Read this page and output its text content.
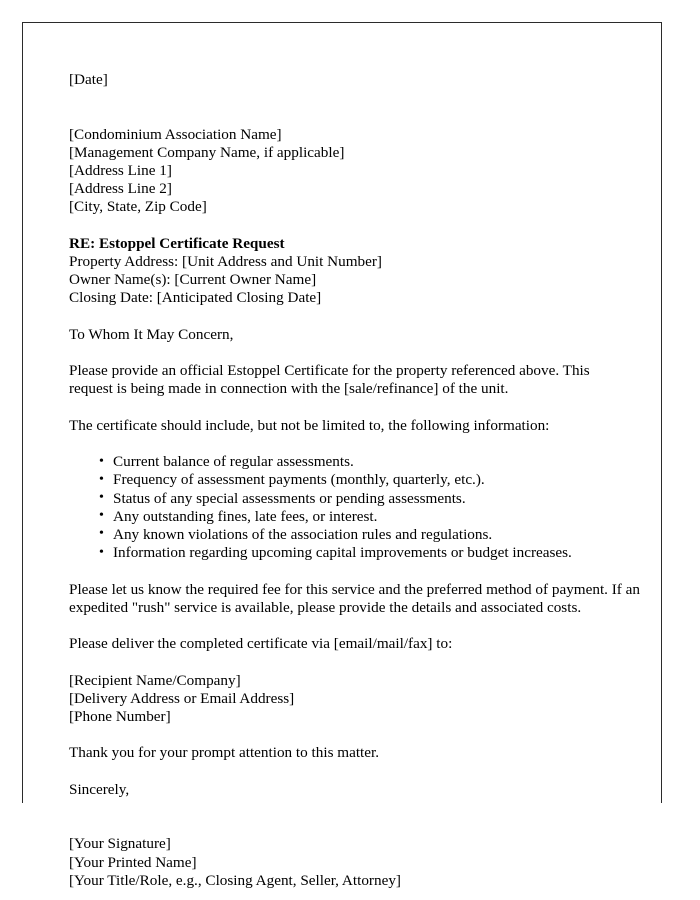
[Date]
[Condominium Association Name]
[Management Company Name, if applicable]
[Address Line 1]
[Address Line 2]
[City, State, Zip Code]
RE: Estoppel Certificate Request
Property Address: [Unit Address and Unit Number]
Owner Name(s): [Current Owner Name]
Closing Date: [Anticipated Closing Date]
To Whom It May Concern,

Please provide an official Estoppel Certificate for the property referenced above. This request is being made in connection with the [sale/refinance] of the unit.

The certificate should include, but not be limited to, the following information:

• Current balance of regular assessments.
• Frequency of assessment payments (monthly, quarterly, etc.).
• Status of any special assessments or pending assessments.
• Any outstanding fines, late fees, or interest.
• Any known violations of the association rules and regulations.
• Information regarding upcoming capital improvements or budget increases.

Please let us know the required fee for this service and the preferred method of payment. If an expedited "rush" service is available, please provide the details and associated costs.

Please deliver the completed certificate via [email/mail/fax] to:

[Recipient Name/Company]
[Delivery Address or Email Address]
[Phone Number]

Thank you for your prompt attention to this matter.

Sincerely,
[Your Signature]
[Your Printed Name]
[Your Title/Role, e.g., Closing Agent, Seller, Attorney]
